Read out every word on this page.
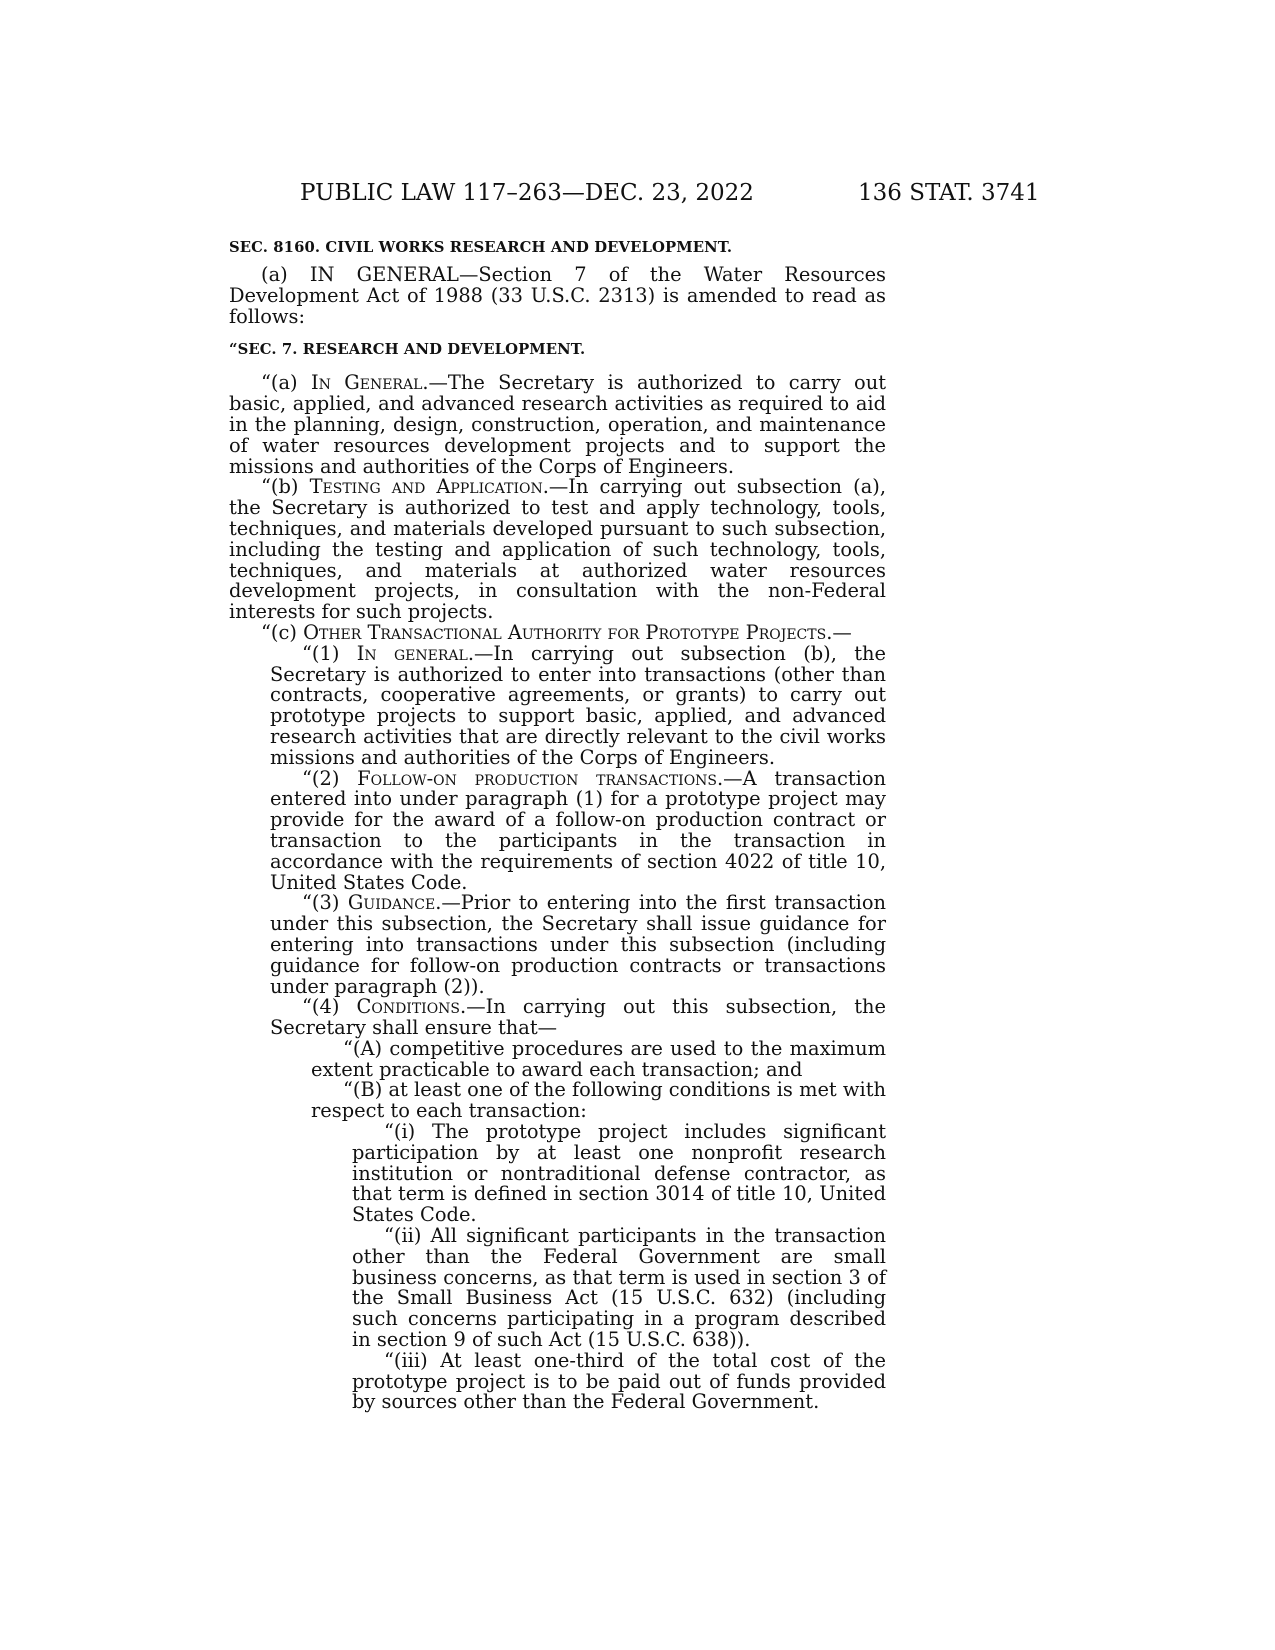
PUBLIC LAW 117–263—DEC. 23, 2022	136 STAT. 3741
SEC. 8160. CIVIL WORKS RESEARCH AND DEVELOPMENT.

(a) IN GENERAL—Section 7 of the Water Resources Development Act of 1988 (33 U.S.C. 2313) is amended to read as follows:

“SEC. 7. RESEARCH AND DEVELOPMENT.

“(a) In General.—The Secretary is authorized to carry out basic, applied, and advanced research activities as required to aid in the planning, design, construction, operation, and maintenance of water resources development projects and to support the missions and authorities of the Corps of Engineers.

“(b) Testing and Application.—In carrying out subsection (a), the Secretary is authorized to test and apply technology, tools, techniques, and materials developed pursuant to such subsection, including the testing and application of such technology, tools, techniques, and materials at authorized water resources development projects, in consultation with the non-Federal interests for such projects.

“(c) Other Transactional Authority for Prototype Projects.—

“(1) In general.—In carrying out subsection (b), the Secretary is authorized to enter into transactions (other than contracts, cooperative agreements, or grants) to carry out prototype projects to support basic, applied, and advanced research activities that are directly relevant to the civil works missions and authorities of the Corps of Engineers.

“(2) Follow-on production transactions.—A transaction entered into under paragraph (1) for a prototype project may provide for the award of a follow-on production contract or transaction to the participants in the transaction in accordance with the requirements of section 4022 of title 10, United States Code.

“(3) Guidance.—Prior to entering into the first transaction under this subsection, the Secretary shall issue guidance for entering into transactions under this subsection (including guidance for follow-on production contracts or transactions under paragraph (2)).

“(4) Conditions.—In carrying out this subsection, the Secretary shall ensure that—

“(A) competitive procedures are used to the maximum extent practicable to award each transaction; and

“(B) at least one of the following conditions is met with respect to each transaction:

“(i) The prototype project includes significant participation by at least one nonprofit research institution or nontraditional defense contractor, as that term is defined in section 3014 of title 10, United States Code.

“(ii) All significant participants in the transaction other than the Federal Government are small business concerns, as that term is used in section 3 of the Small Business Act (15 U.S.C. 632) (including such concerns participating in a program described in section 9 of such Act (15 U.S.C. 638)).

“(iii) At least one-third of the total cost of the prototype project is to be paid out of funds provided by sources other than the Federal Government.
